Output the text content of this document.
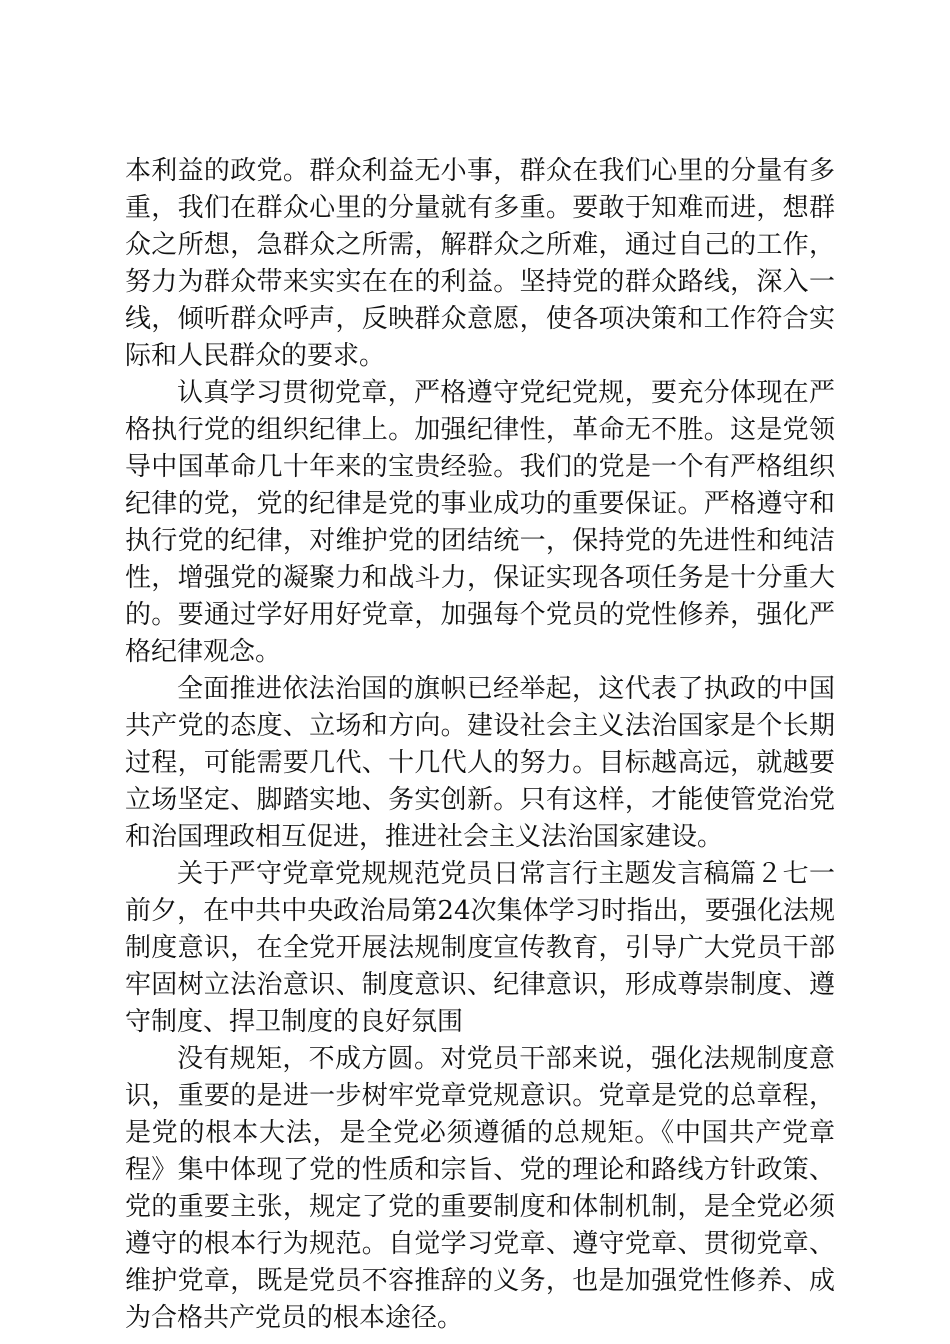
本利益的政党。群众利益无小事，群众在我们心里的分量有多
重，我们在群众心里的分量就有多重。要敢于知难而进，想群
众之所想，急群众之所需，解群众之所难，通过自己的工作，
努力为群众带来实实在在的利益。坚持党的群众路线，深入一
线，倾听群众呼声，反映群众意愿，使各项决策和工作符合实
际和人民群众的要求。
认真学习贯彻党章，严格遵守党纪党规，要充分体现在严
格执行党的组织纪律上。加强纪律性，革命无不胜。这是党领
导中国革命几十年来的宝贵经验。我们的党是一个有严格组织
纪律的党，党的纪律是党的事业成功的重要保证。严格遵守和
执行党的纪律，对维护党的团结统一，保持党的先进性和纯洁
性，增强党的凝聚力和战斗力，保证实现各项任务是十分重大
的。要通过学好用好党章，加强每个党员的党性修养，强化严
格纪律观念。
全面推进依法治国的旗帜已经举起，这代表了执政的中国
共产党的态度、立场和方向。建设社会主义法治国家是个长期
过程，可能需要几代、十几代人的努力。目标越高远，就越要
立场坚定、脚踏实地、务实创新。只有这样，才能使管党治党
和治国理政相互促进，推进社会主义法治国家建设。
关于严守党章党规规范党员日常言行主题发言稿篇２七一
前夕，在中共中央政治局第24次集体学习时指出，要强化法规
制度意识，在全党开展法规制度宣传教育，引导广大党员干部
牢固树立法治意识、制度意识、纪律意识，形成尊崇制度、遵
守制度、捍卫制度的良好氛围
没有规矩，不成方圆。对党员干部来说，强化法规制度意
识，重要的是进一步树牢党章党规意识。党章是党的总章程，
是党的根本大法，是全党必须遵循的总规矩。《中国共产党章
程》集中体现了党的性质和宗旨、党的理论和路线方针政策、
党的重要主张，规定了党的重要制度和体制机制，是全党必须
遵守的根本行为规范。自觉学习党章、遵守党章、贯彻党章、
维护党章，既是党员不容推辞的义务，也是加强党性修养、成
为合格共产党员的根本途径。
